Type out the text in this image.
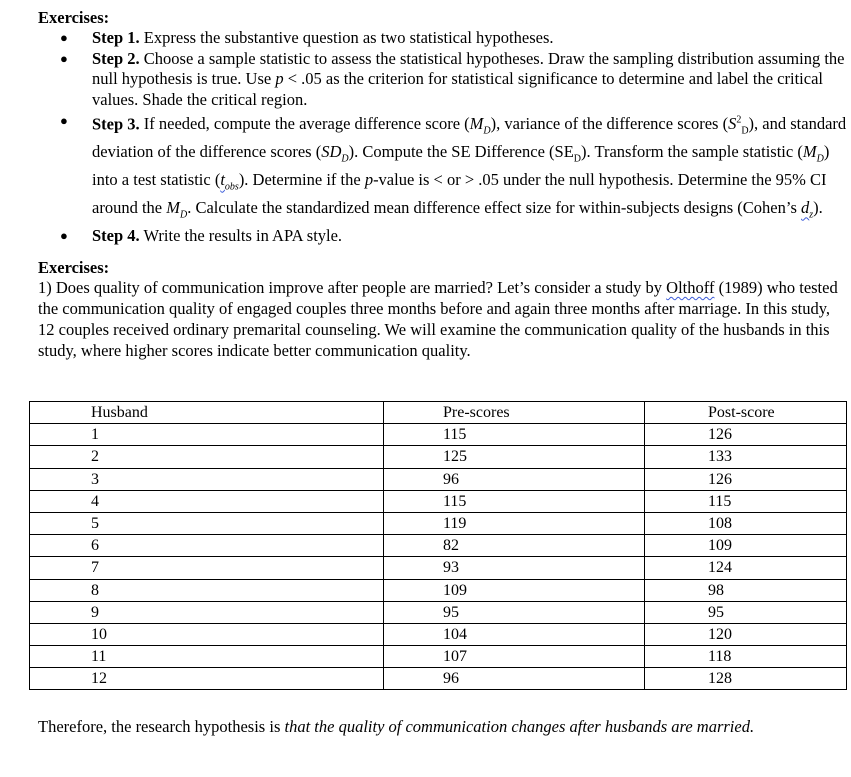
Exercises:
● Step 1. Express the substantive question as two statistical hypotheses.
● Step 2. Choose a sample statistic to assess the statistical hypotheses. Draw the sampling distribution assuming the null hypothesis is true. Use p < .05 as the criterion for statistical significance to determine and label the critical values. Shade the critical region.
● Step 3. If needed, compute the average difference score $(M_D)$, variance of the difference scores $(S^2_D)$, and standard deviation of the difference scores $(SD_D)$. Compute the SE Difference $(SE_D)$. Transform the sample statistic $(M_D)$ into a test statistic $(t_{obs})$. Determine if the p-value is < or > .05 under the null hypothesis. Determine the 95% CI around the $M_D$. Calculate the standardized mean difference effect size for within-subjects designs (Cohen’s $d_z$).
● Step 4. Write the results in APA style.
Exercises:

1) Does quality of communication improve after people are married? Let’s consider a study by Olthoff (1989) who tested the communication quality of engaged couples three months before and again three months after marriage. In this study, 12 couples received ordinary premarital counseling. We will examine the communication quality of the husbands in this study, where higher scores indicate better communication quality.

Husband	Pre-scores	Post-score
1	115	126
2	125	133
3	96	126
4	115	115
5	119	108
6	82	109
7	93	124
8	109	98
9	95	95
10	104	120
11	107	118
12	96	128

Therefore, the research hypothesis is that the quality of communication changes after husbands are married.
